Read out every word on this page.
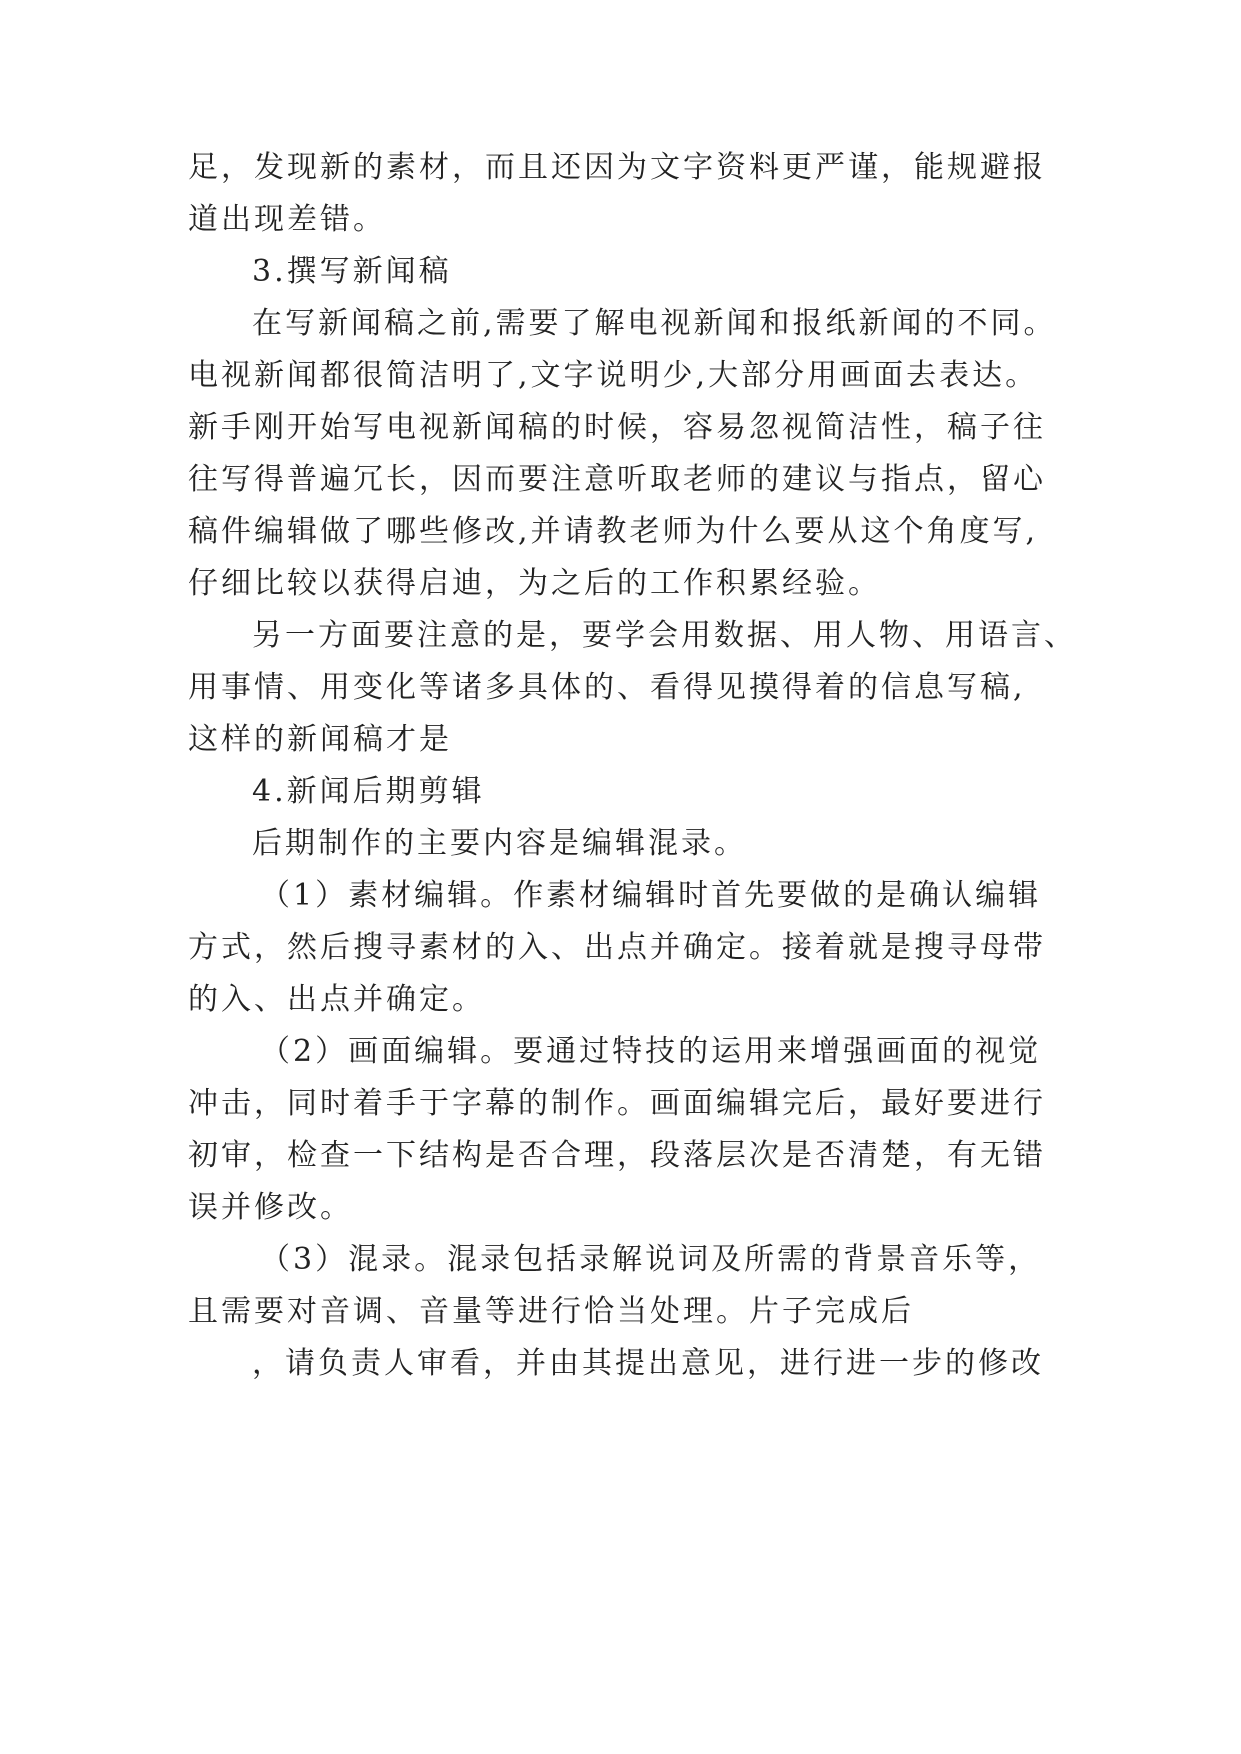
足，发现新的素材，而且还因为文字资料更严谨，能规避报
道出现差错。
3.撰写新闻稿
在写新闻稿之前,需要了解电视新闻和报纸新闻的不同。
电视新闻都很简洁明了,文字说明少,大部分用画面去表达。
新手刚开始写电视新闻稿的时候，容易忽视简洁性，稿子往
往写得普遍冗长，因而要注意听取老师的建议与指点，留心
稿件编辑做了哪些修改,并请教老师为什么要从这个角度写,
仔细比较以获得启迪，为之后的工作积累经验。
另一方面要注意的是，要学会用数据、用人物、用语言、
用事情、用变化等诸多具体的、看得见摸得着的信息写稿,
这样的新闻稿才是
4.新闻后期剪辑
后期制作的主要内容是编辑混录。
（1）素材编辑。作素材编辑时首先要做的是确认编辑
方式，然后搜寻素材的入、出点并确定。接着就是搜寻母带
的入、出点并确定。
（2）画面编辑。要通过特技的运用来增强画面的视觉
冲击，同时着手于字幕的制作。画面编辑完后，最好要进行
初审，检查一下结构是否合理，段落层次是否清楚，有无错
误并修改。
（3）混录。混录包括录解说词及所需的背景音乐等，
且需要对音调、音量等进行恰当处理。片子完成后
，请负责人审看，并由其提出意见，进行进一步的修改
